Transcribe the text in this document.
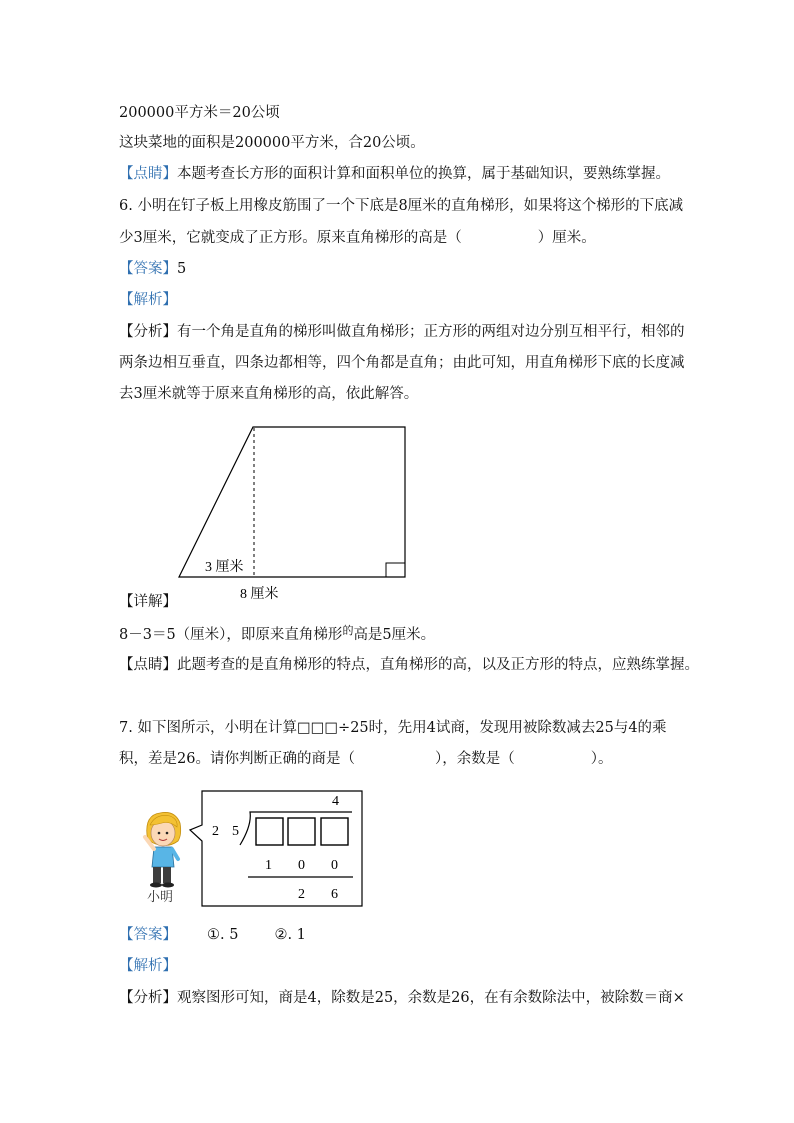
200000平方米＝20公顷
这块菜地的面积是200000平方米，合20公顷。
【点睛】本题考查长方形的面积计算和面积单位的换算，属于基础知识，要熟练掌握。
6. 小明在钉子板上用橡皮筋围了一个下底是8厘米的直角梯形，如果将这个梯形的下底减
少3厘米，它就变成了正方形。原来直角梯形的高是（	）厘米。
【答案】5
【解析】
【分析】有一个角是直角的梯形叫做直角梯形；正方形的两组对边分别互相平行，相邻的
两条边相互垂直，四条边都相等，四个角都是直角；由此可知，用直角梯形下底的长度减
去3厘米就等于原来直角梯形的高，依此解答。
3 厘米
8 厘米
【详解】
8－3＝5（厘米），即原来直角梯形$^的$高是5厘米。
【点睛】此题考查的是直角梯形的特点，直角梯形的高，以及正方形的特点，应熟练掌握。
7. 如下图所示，小明在计算□□□÷25时，先用4试商，发现用被除数减去25与4的乘
积，差是26。请你判断正确的商是（	），余数是（	）。
小明
4
2 5
1 0 0
2 6
【答案】 ①. 5 ②. 1
【解析】
【分析】观察图形可知，商是4，除数是25，余数是26，在有余数除法中，被除数＝商×
